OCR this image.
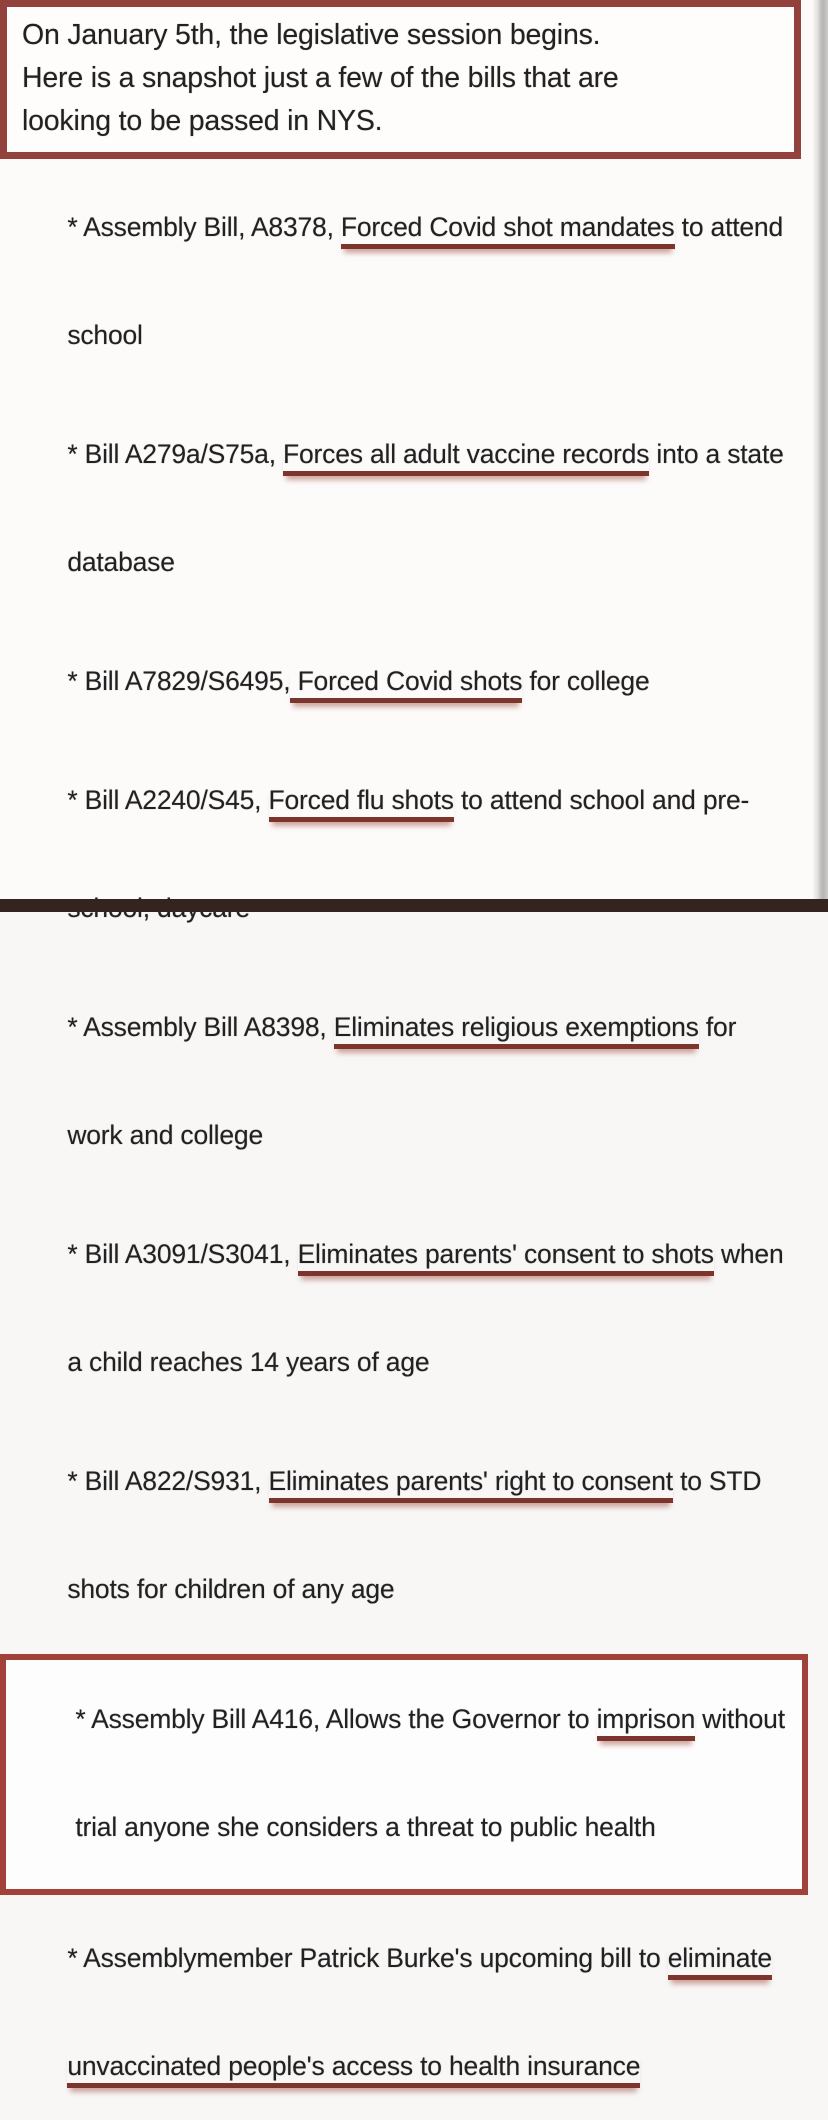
On January 5th, the legislative session begins.
Here is a snapshot just a few of the bills that are
looking to be passed in NYS.

* Assembly Bill, A8378, Forced Covid shot mandates to attend

school

* Bill A279a/S75a, Forces all adult vaccine records into a state

database

* Bill A7829/S6495, Forced Covid shots for college

* Bill A2240/S45, Forced flu shots to attend school and pre-

* Assembly Bill A8398, Eliminates religious exemptions for

work and college

* Bill A3091/S3041, Eliminates parents' consent to shots when

a child reaches 14 years of age

* Bill A822/S931, Eliminates parents' right to consent to STD

shots for children of any age

* Assembly Bill A416, Allows the Governor to imprison without

trial anyone she considers a threat to public health

* Assemblymember Patrick Burke's upcoming bill to eliminate

unvaccinated people's access to health insurance
